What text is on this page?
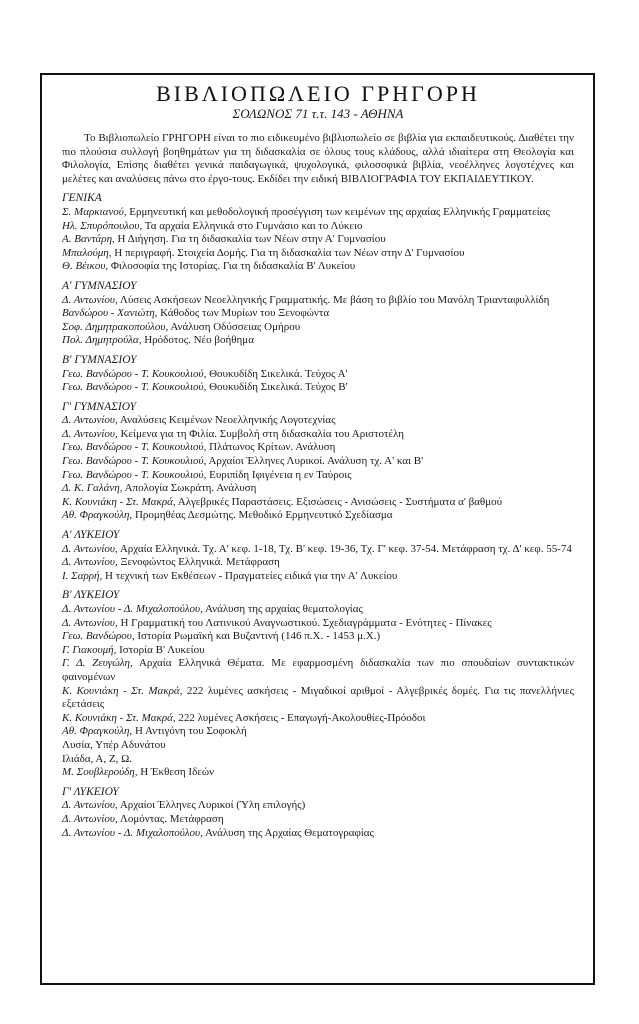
ΒΙΒΛΙΟΠΩΛΕΙΟ ΓΡΗΓΟΡΗ
ΣΟΛΩΝΟΣ 71 τ.τ. 143 - ΑΘΗΝΑ
Το Βιβλιοπωλείο ΓΡΗΓΟΡΗ είναι το πιο ειδικευμένο βιβλιοπωλείο σε βιβλία για εκπαιδευτικούς. Διαθέτει την πιο πλούσια συλλογή βοηθημάτων για τη διδασκαλία σε όλους τους κλάδους, αλλά ιδιαίτερα στη Θεολογία και Φιλολογία, Επίσης διαθέτει γενικά παιδαγωγικά, ψυχολογικά, φιλοσοφικά βιβλία, νεοέλληνες λογοτέχνες και μελέτες και αναλύσεις πάνω στο έργο-τους. Εκδίδει την ειδική ΒΙΒΛΙΟΓΡΑΦΙΑ ΤΟΥ ΕΚΠΑΙΔΕΥΤΙΚΟΥ.
ΓΕΝΙΚΑ
Σ. Μαρκιανού, Ερμηνευτική και μεθοδολογική προσέγγιση των κειμένων της αρχαίας Ελληνικής Γραμματείας
Ηλ. Σπυρόπουλου, Τα αρχαία Ελληνικά στο Γυμνάσιο και το Λύκειο
Α. Βαντάρη, Η Διήγηση. Για τη διδασκαλία των Νέων στην Α' Γυμνασίου
Μπαλούμη, Η περιγραφή. Στοιχεία Δομής. Για τη διδασκαλία των Νέων στην Δ' Γυμνασίου
Θ. Βέικου, Φιλοσοφία της Ιστορίας. Για τη διδασκαλία Β' Λυκείου
Α' ΓΥΜΝΑΣΙΟΥ
Δ. Αντωνίου, Λύσεις Ασκήσεων Νεοελληνικής Γραμματικής. Με βάση το βιβλίο του Μανόλη Τριανταφυλλίδη
Βανδώρου - Χανιώτη, Κάθοδος των Μυρίων του Ξενοφώντα
Σοφ. Δημητρακοπούλου, Ανάλυση Οδύσσειας Ομήρου
Πολ. Δημητρούλα, Ηρόδοτος. Νέο βοήθημα
Β' ΓΥΜΝΑΣΙΟΥ
Γεω. Βανδώρου - Τ. Κουκουλιού, Θουκυδίδη Σικελικά. Τεύχος Α'
Γεω. Βανδώρου - Τ. Κουκουλιού, Θουκυδίδη Σικελικά. Τεύχος Β'
Γ' ΓΥΜΝΑΣΙΟΥ
Δ. Αντωνίου, Αναλύσεις Κειμένων Νεοελληνικής Λογοτεχνίας
Δ. Αντωνίου, Κείμενα για τη Φιλία. Συμβολή στη διδασκαλία του Αριστοτέλη
Γεω. Βανδώρου - Τ. Κουκουλιού, Πλάτωνος Κρίτων. Ανάλυση
Γεω. Βανδώρου - Τ. Κουκουλιού, Αρχαίοι Έλληνες Λυρικοί. Ανάλυση τχ. Α' και Β'
Γεω. Βανδώρου - Τ. Κουκουλιού, Ευριπίδη Ιφιγένεια η εν Ταύροις
Δ. Κ. Γαλάνη, Απολογία Σωκράτη. Ανάλυση
Κ. Κουνιάκη - Στ. Μακρά, Αλγεβρικές Παραστάσεις. Εξισώσεις - Ανισώσεις - Συστήματα α' βαθμού
Αθ. Φραγκούλη, Προμηθέας Δεσμώτης. Μεθοδικό Ερμηνευτικό Σχεδίασμα
Α' ΛΥΚΕΙΟΥ
Δ. Αντωνίου, Αρχαία Ελληνικά. Τχ. Α' κεφ. 1-18, Τχ. Β' κεφ. 19-36, Τχ. Γ' κεφ. 37-54. Μετάφραση τχ. Δ' κεφ. 55-74
Δ. Αντωνίου, Ξενοφώντος Ελληνικά. Μετάφραση
Ι. Σαρρή, Η τεχνική των Εκθέσεων - Πραγματείες ειδικά για την Α' Λυκείου
Β' ΛΥΚΕΙΟΥ
Δ. Αντωνίου - Δ. Μιχαλοπούλου, Ανάλυση της αρχαίας θεματολογίας
Δ. Αντωνίου, Η Γραμματική του Λατινικού Αναγνωστικού. Σχεδιαγράμματα - Ενότητες - Πίνακες
Γεω. Βανδώρου, Ιστορία Ρωμαϊκή και Βυζαντινή (146 π.Χ. - 1453 μ.Χ.)
Γ. Γιακουμή, Ιστορία Β' Λυκείου
Γ. Δ. Ζευγώλη, Αρχαία Ελληνικά Θέματα. Με εφαρμοσμένη διδασκαλία των πιο σπουδαίων συντακτικών φαινομένων
Κ. Κουνιάκη - Στ. Μακρά, 222 λυμένες ασκήσεις - Μιγαδικοί αριθμοί - Αλγεβρικές δομές. Για τις πανελλήνιες εξετάσεις
Κ. Κουνιάκη - Στ. Μακρά, 222 λυμένες Ασκήσεις - Επαγωγή-Ακολουθίες-Πρόοδοι
Αθ. Φραγκούλη, Η Αντιγόνη του Σοφοκλή
Λυσία, Υπέρ Αδυνάτου
Ιλιάδα, Α, Ζ, Ω.
Μ. Σουβλερούδη, Η Έκθεση Ιδεών
Γ' ΛΥΚΕΙΟΥ
Δ. Αντωνίου, Αρχαίοι Έλληνες Λυρικοί (Ύλη επιλογής)
Δ. Αντωνίου, Λομόντας. Μετάφραση
Δ. Αντωνίου - Δ. Μιχαλοπούλου, Ανάλυση της Αρχαίας Θεματογραφίας
